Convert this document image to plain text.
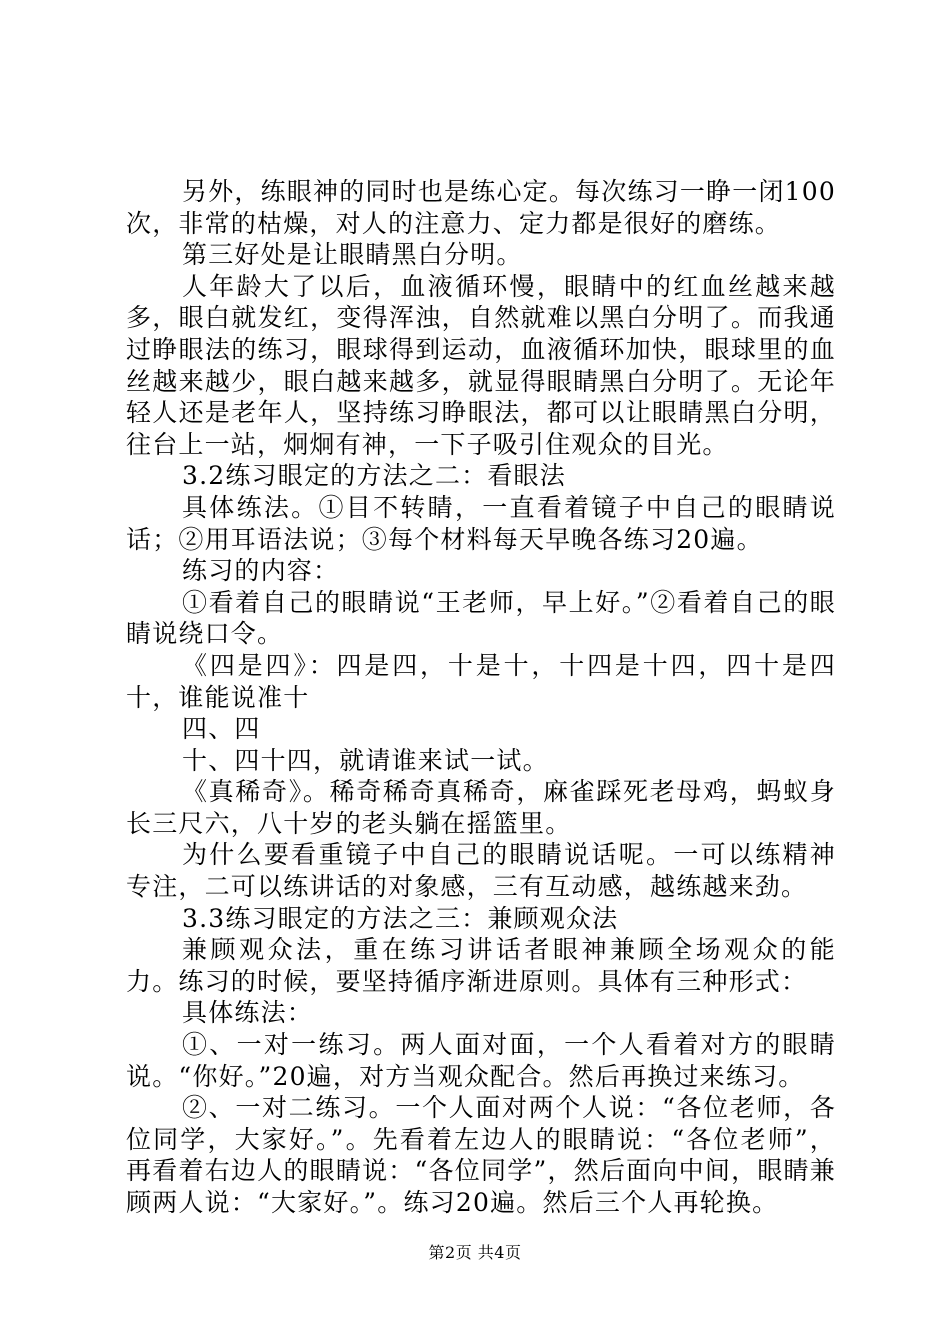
另外，练眼神的同时也是练心定。每次练习一睁一闭100次，非常的枯燥，对人的注意力、定力都是很好的磨练。

第三好处是让眼睛黑白分明。

人年龄大了以后，血液循环慢，眼睛中的红血丝越来越多，眼白就发红，变得浑浊，自然就难以黑白分明了。而我通过睁眼法的练习，眼球得到运动，血液循环加快，眼球里的血丝越来越少，眼白越来越多，就显得眼睛黑白分明了。无论年轻人还是老年人，坚持练习睁眼法，都可以让眼睛黑白分明，往台上一站，炯炯有神，一下子吸引住观众的目光。

3.2练习眼定的方法之二：看眼法

具体练法。①目不转睛，一直看着镜子中自己的眼睛说话；②用耳语法说；③每个材料每天早晚各练习20遍。

练习的内容：

①看着自己的眼睛说“王老师，早上好。”②看着自己的眼睛说绕口令。

《四是四》：四是四，十是十，十四是十四，四十是四十，谁能说准十

四、四

十、四十四，就请谁来试一试。

《真稀奇》。稀奇稀奇真稀奇，麻雀踩死老母鸡，蚂蚁身长三尺六，八十岁的老头躺在摇篮里。

为什么要看重镜子中自己的眼睛说话呢。一可以练精神专注，二可以练讲话的对象感，三有互动感，越练越来劲。

3.3练习眼定的方法之三：兼顾观众法

兼顾观众法，重在练习讲话者眼神兼顾全场观众的能力。练习的时候，要坚持循序渐进原则。具体有三种形式：

具体练法：

①、一对一练习。两人面对面，一个人看着对方的眼睛说。“你好。”20遍，对方当观众配合。然后再换过来练习。

②、一对二练习。一个人面对两个人说：“各位老师，各位同学，大家好。”。先看着左边人的眼睛说：“各位老师”，再看着右边人的眼睛说：“各位同学”，然后面向中间，眼睛兼顾两人说：“大家好。”。练习20遍。然后三个人再轮换。

第2页 共4页
